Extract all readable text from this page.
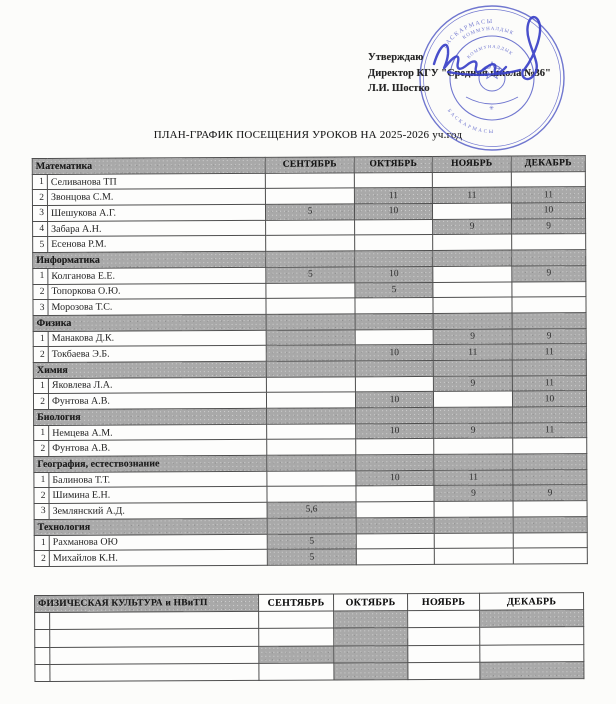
Утверждаю
Директор КГУ "Средняя школа №36"
Л.И. Шостко
БАСКАРМАСЫ
КОММУНАЛДЫК
БАСКАРМАСЫ
КОММУНАЛДЫК
✳
ПЛАН-ГРАФИК ПОСЕЩЕНИЯ УРОКОВ НА 2025-2026 уч.год
Математика		СЕНТЯБРЬ	ОКТЯБРЬ	НОЯБРЬ	ДЕКАБРЬ
1	Селиванова ТП				
2	Звонцова С.М.		11	11	11
3	Шешукова А.Г.	5	10		10
4	Забара А.Н.			9	9
5	Есенова Р.М.				
Информатика					
1	Колганова Е.Е.	5	10		9
2	Топоркова О.Ю.		5		
3	Морозова Т.С.				
Физика					
1	Манакова Д.К.			9	9
2	Токбаева Э.Б.		10	11	11
Химия					
1	Яковлева Л.А.			9	11
2	Фунтова А.В.		10		10
Биология					
1	Немцева А.М.		10	9	11
2	Фунтова А.В.				
География, естествознание					
1	Балинова Т.Т.		10	11	
2	Шимина Е.Н.			9	9
3	Землянский А.Д.	5,6			
Технология					
1	Рахманова ОЮ	5			
2	Михайлов К.Н.	5			
ФИЗИЧЕСКАЯ КУЛЬТУРА и НВиТП		СЕНТЯБРЬ	ОКТЯБРЬ	НОЯБРЬ	ДЕКАБРЬ
